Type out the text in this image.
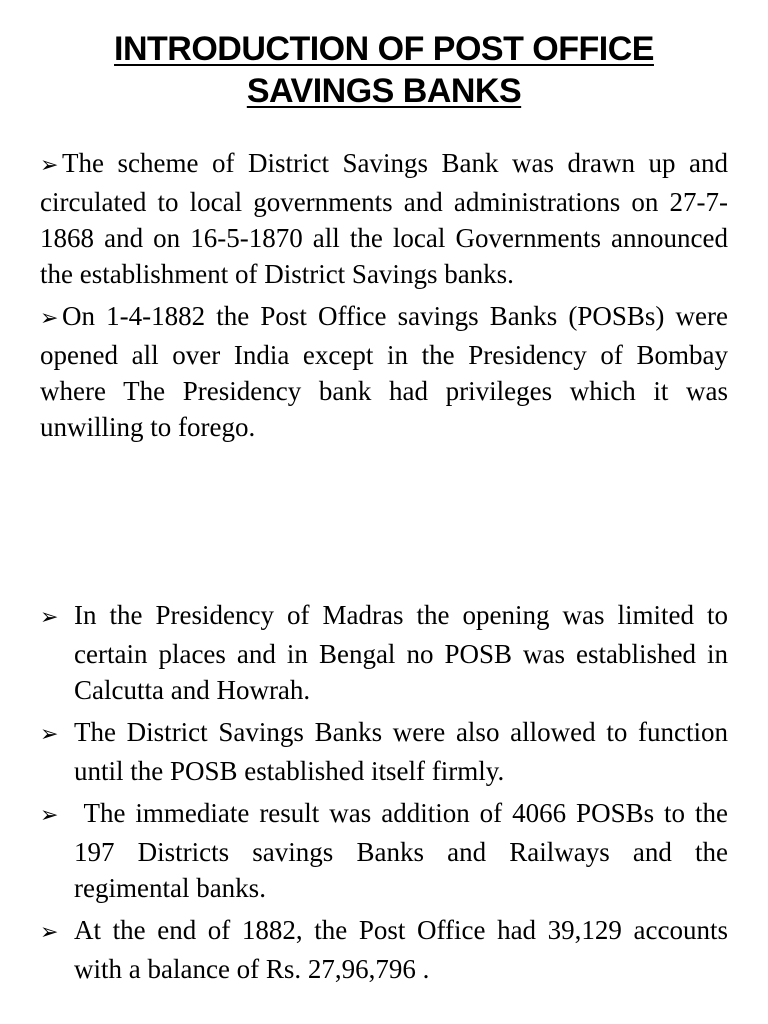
INTRODUCTION OF POST OFFICE
SAVINGS BANKS

➢ The scheme of District Savings Bank was drawn up and circulated to local governments and administrations on 27-7-1868 and on 16-5-1870 all the local Governments announced the establishment of District Savings banks.

➢ On 1-4-1882 the Post Office savings Banks (POSBs) were opened all over India except in the Presidency of Bombay where The Presidency bank had privileges which it was unwilling to forego.

➢ In the Presidency of Madras the opening was limited to certain places and in Bengal no POSB was established in Calcutta and Howrah.

➢ The District Savings Banks were also allowed to function until the POSB established itself firmly.

➢ The immediate result was addition of 4066 POSBs to the 197 Districts savings Banks and Railways and the regimental banks.

➢ At the end of 1882, the Post Office had 39,129 accounts with a balance of Rs. 27,96,796 .
